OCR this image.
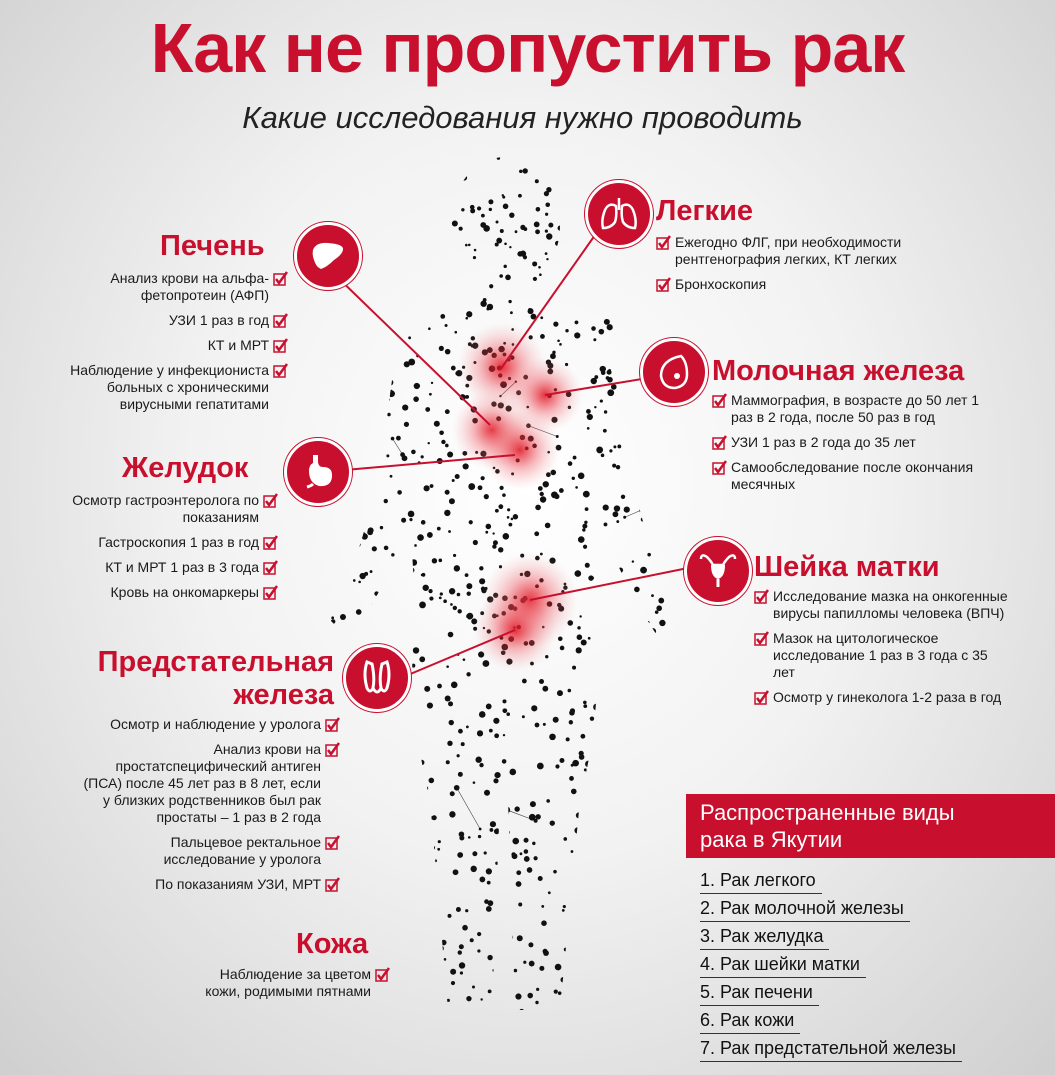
Как не пропустить рак
Какие исследования нужно проводить
Печень
Анализ крови на альфа-фетопротеин (АФП)
УЗИ 1 раз в год
КТ и МРТ
Наблюдение у инфекциониста больных с хроническими вирусными гепатитами
Желудок
Осмотр гастроэнтеролога по показаниям
Гастроскопия 1 раз в год
КТ и МРТ 1 раз в 3 года
Кровь на онкомаркеры
Предстательная
железа
Осмотр и наблюдение у уролога
Анализ крови на простатспецифический антиген (ПСА) после 45 лет раз в 8 лет, если у близких родственников был рак простаты – 1 раз в 2 года
Пальцевое ректальное исследование у уролога
По показаниям УЗИ, МРТ
Кожа
Наблюдение за цветом кожи, родимыми пятнами
Легкие
Ежегодно ФЛГ, при необходимости рентгенография легких, КТ легких
Бронхоскопия
Молочная железа
Маммография, в возрасте до 50 лет 1 раз в 2 года, после 50 раз в год
УЗИ 1 раз в 2 года до 35 лет
Самообследование после окончания месячных
Шейка матки
Исследование мазка на онкогенные вирусы папилломы человека (ВПЧ)
Мазок на цитологическое исследование 1 раз в 3 года с 35 лет
Осмотр у гинеколога 1-2 раза в год
Распространенные виды рака в Якутии
1. Рак легкого
2. Рак молочной железы
3. Рак желудка
4. Рак шейки матки
5. Рак печени
6. Рак кожи
7. Рак предстательной железы
